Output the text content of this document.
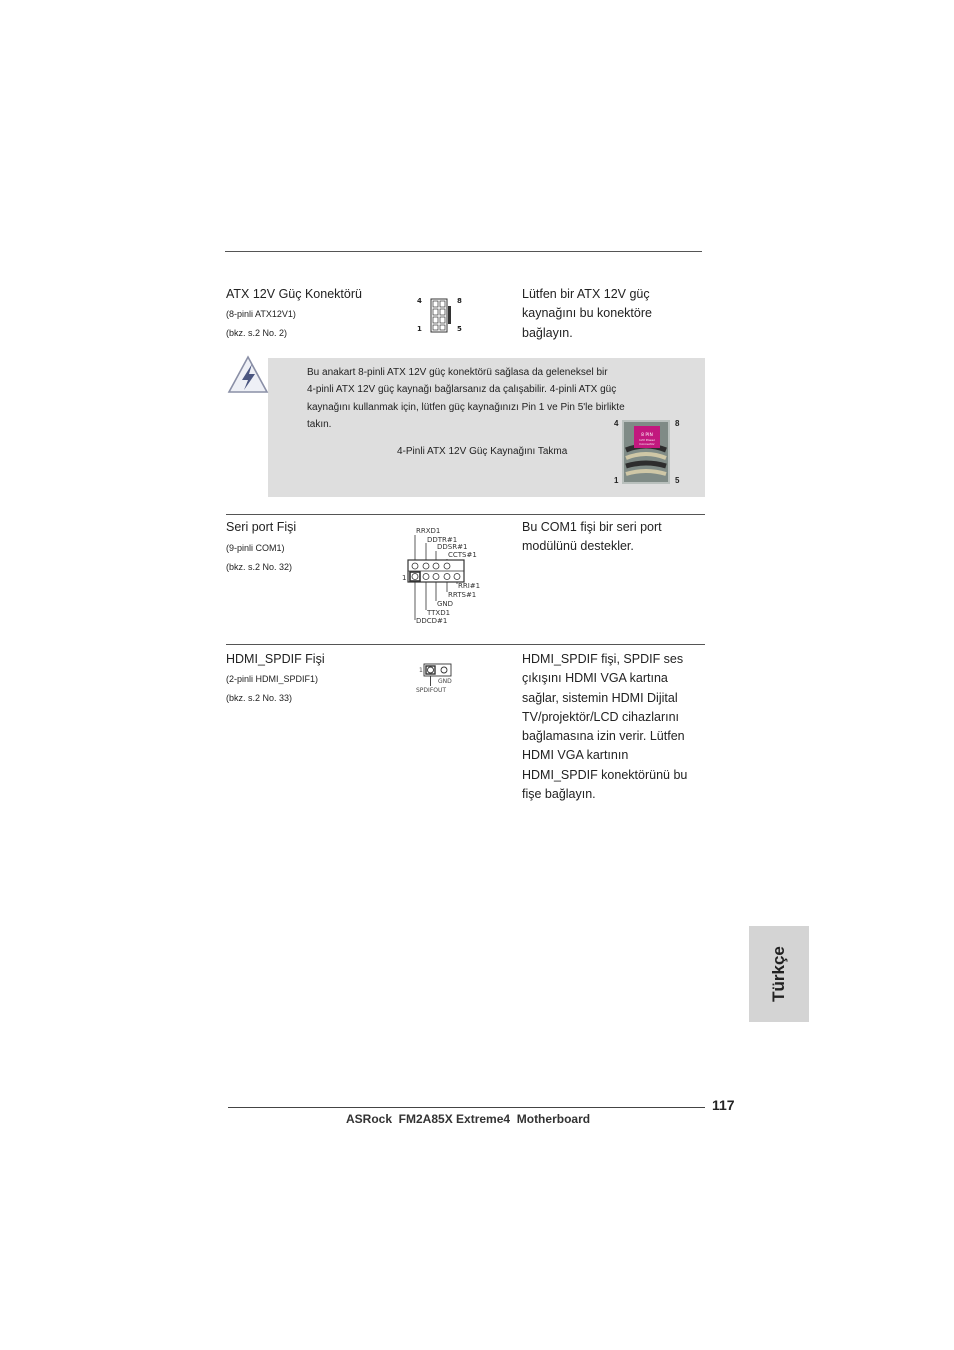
ATX 12V Güç Konektörü
(8-pinli ATX12V1)
(bkz. s.2 No. 2)
4	8
1	5
Lütfen bir ATX 12V güç
kaynağını bu konektöre
bağlayın.
Bu anakart 8-pinli ATX 12V güç konektörü sağlasa da geleneksel bir
4-pinli ATX 12V güç kaynağı bağlarsanız da çalışabilir. 4-pinli ATX güç
kaynağını kullanmak için, lütfen güç kaynağınızı Pin 1 ve Pin 5'le birlikte
takın.
4-Pinli ATX 12V Güç Kaynağını Takma
4	8
1	5
8 PIN
12V Power
Connector
Seri port Fişi
(9-pinli COM1)
(bkz. s.2 No. 32)
RRXD1
DDTR#1
DDSR#1
CCTS#1
RRI#1
RRTS#1
GND
TTXD1
DDCD#1
1
Bu COM1 fişi bir seri port
modülünü destekler.
HDMI_SPDIF Fişi
(2-pinli HDMI_SPDIF1)
(bkz. s.2 No. 33)
1
GND
SPDIFOUT
HDMI_SPDIF fişi, SPDIF ses
çıkışını HDMI VGA kartına
sağlar, sistemin HDMI Dijital
TV/projektör/LCD cihazlarını
bağlamasına izin verir. Lütfen
HDMI VGA kartının
HDMI_SPDIF konektörünü bu
fişe bağlayın.
Türkçe
117
ASRock  FM2A85X Extreme4  Motherboard
